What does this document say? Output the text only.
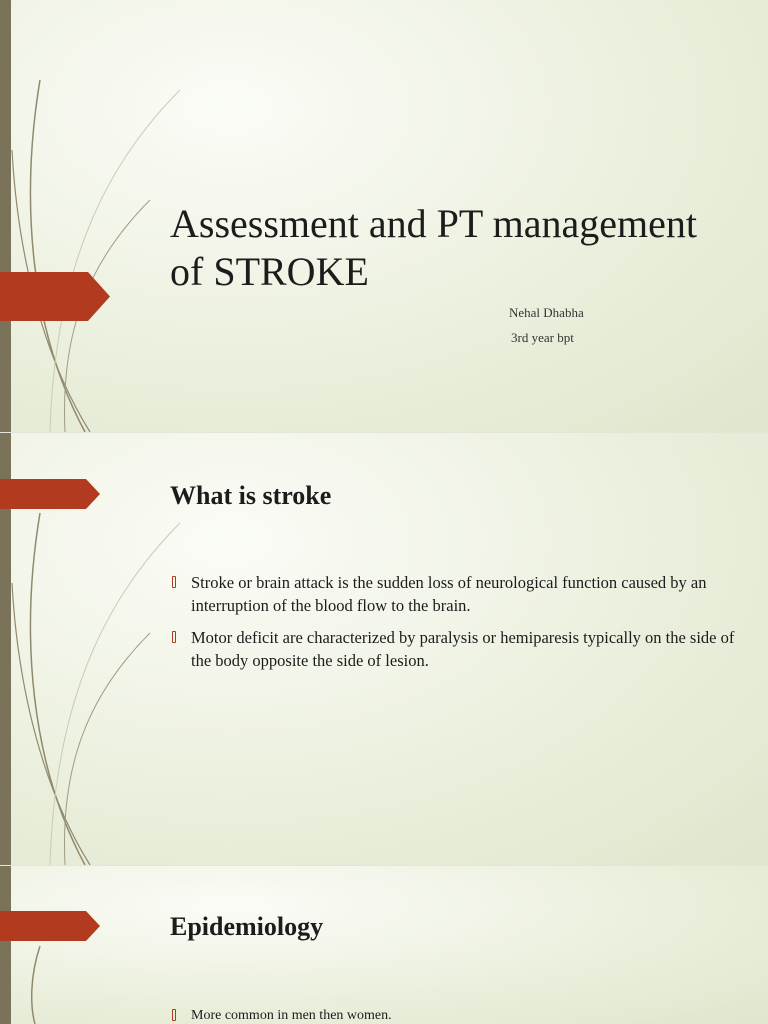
Assessment and PT management of STROKE
Nehal Dhabha
3rd year bpt
What is stroke
Stroke or brain attack is the sudden loss of neurological function caused by an interruption of the blood flow to the brain.
Motor deficit are characterized by paralysis or hemiparesis typically on the side of the body opposite the side of lesion.
Epidemiology
More common in men then women.
